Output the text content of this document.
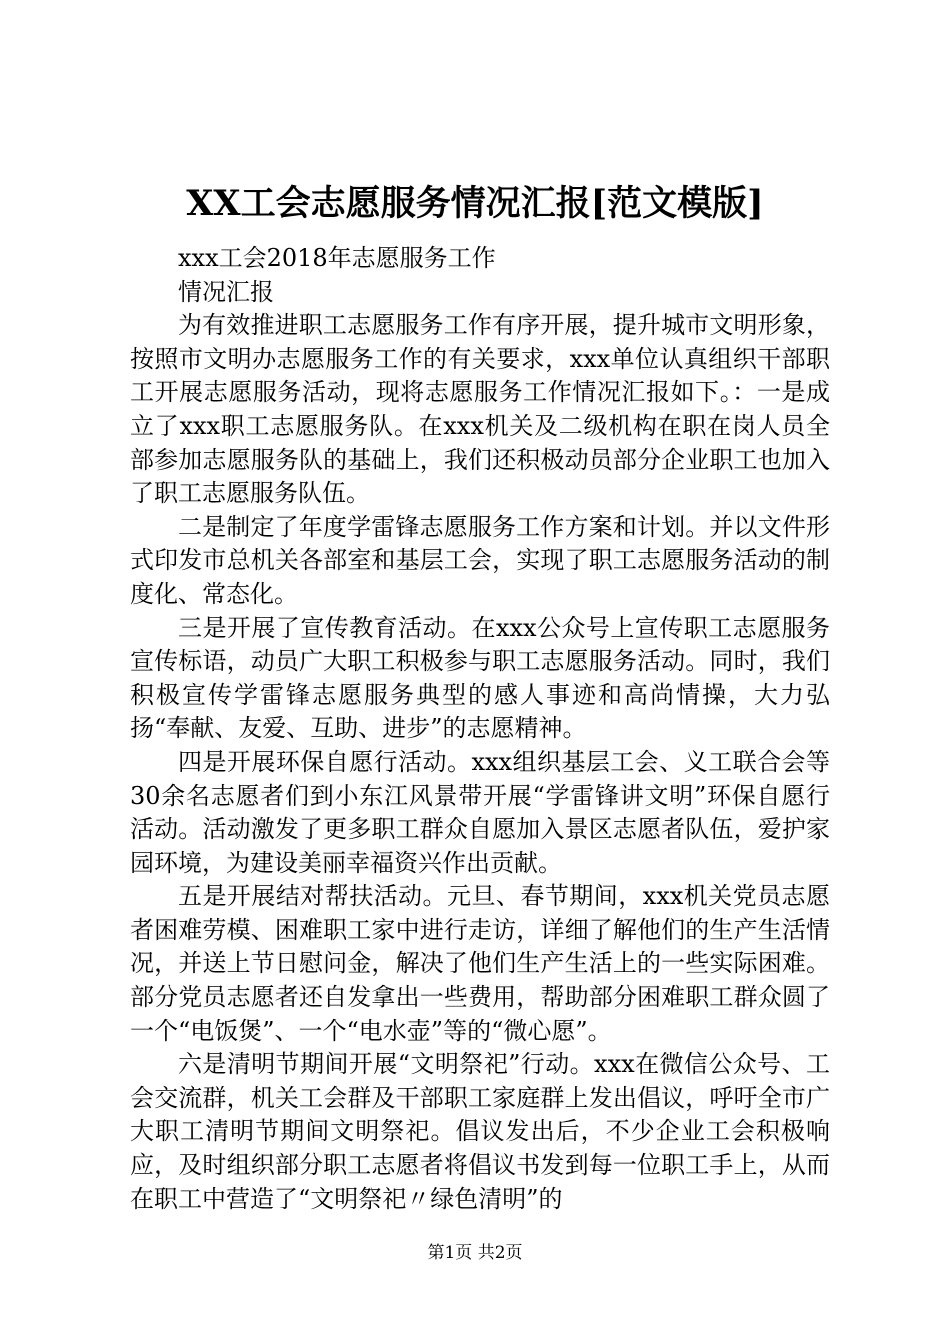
XX工会志愿服务情况汇报[范文模版]

xxx工会2018年志愿服务工作

情况汇报

为有效推进职工志愿服务工作有序开展，提升城市文明形象，按照市文明办志愿服务工作的有关要求，xxx单位认真组织干部职工开展志愿服务活动，现将志愿服务工作情况汇报如下。：一是成立了xxx职工志愿服务队。在xxx机关及二级机构在职在岗人员全部参加志愿服务队的基础上，我们还积极动员部分企业职工也加入了职工志愿服务队伍。

二是制定了年度学雷锋志愿服务工作方案和计划。并以文件形式印发市总机关各部室和基层工会，实现了职工志愿服务活动的制度化、常态化。

三是开展了宣传教育活动。在xxx公众号上宣传职工志愿服务宣传标语，动员广大职工积极参与职工志愿服务活动。同时，我们积极宣传学雷锋志愿服务典型的感人事迹和高尚情操，大力弘扬“奉献、友爱、互助、进步”的志愿精神。

四是开展环保自愿行活动。xxx组织基层工会、义工联合会等30余名志愿者们到小东江风景带开展“学雷锋讲文明”环保自愿行活动。活动激发了更多职工群众自愿加入景区志愿者队伍，爱护家园环境，为建设美丽幸福资兴作出贡献。

五是开展结对帮扶活动。元旦、春节期间，xxx机关党员志愿者困难劳模、困难职工家中进行走访，详细了解他们的生产生活情况，并送上节日慰问金，解决了他们生产生活上的一些实际困难。部分党员志愿者还自发拿出一些费用，帮助部分困难职工群众圆了一个“电饭煲”、一个“电水壶”等的“微心愿”。

六是清明节期间开展“文明祭祀”行动。xxx在微信公众号、工会交流群，机关工会群及干部职工家庭群上发出倡议，呼吁全市广大职工清明节期间文明祭祀。倡议发出后，不少企业工会积极响应，及时组织部分职工志愿者将倡议书发到每一位职工手上，从而在职工中营造了“文明祭祀〃绿色清明”的

第1页 共2页
